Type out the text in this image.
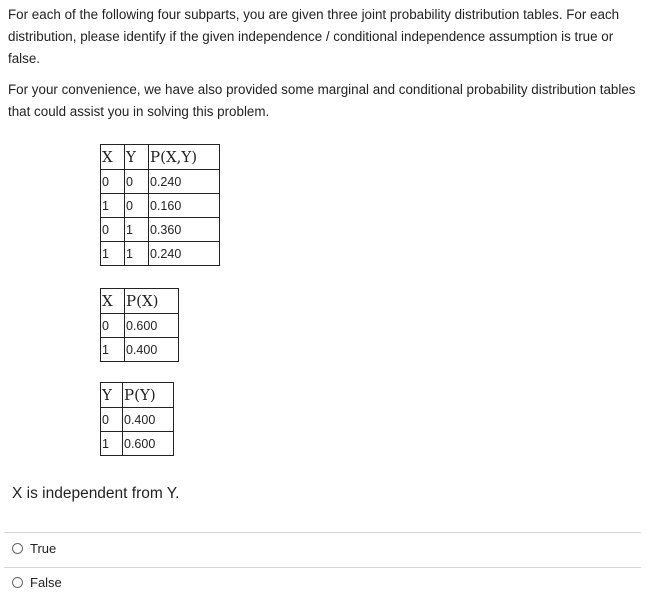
For each of the following four subparts, you are given three joint probability distribution tables. For each distribution, please identify if the given independence / conditional independence assumption is true or false.

For your convenience, we have also provided some marginal and conditional probability distribution tables that could assist you in solving this problem.

X	Y	P(X,Y)
0	0	0.240
1	0	0.160
0	1	0.360
1	1	0.240
X	P(X)
0	0.600
1	0.400
Y	P(Y)
0	0.400
1	0.600

X is independent from Y.

True
False
